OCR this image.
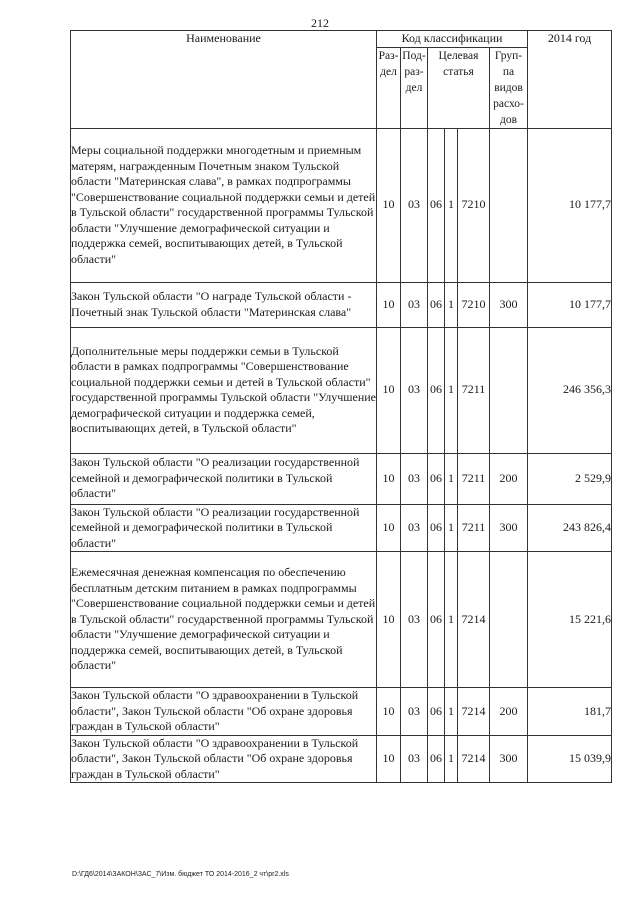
212
Наименование	Код классификации						2014 год
	Раз-дел	Под-раз-дел	Целевая статья			Груп-па видов расхо-дов	
Меры социальной поддержки многодетным и приемным матерям, награжденным Почетным знаком Тульской области "Материнская слава", в рамках подпрограммы "Совершенствование социальной поддержки семьи и детей в Тульской области" государственной программы Тульской области "Улучшение демографической ситуации и поддержка семей, воспитывающих детей, в Тульской области"	10	03	06	1	7210		10 177,7
Закон Тульской области "О награде Тульской области - Почетный знак Тульской области "Материнская слава"	10	03	06	1	7210	300	10 177,7
Дополнительные меры поддержки семьи в Тульской области в рамках подпрограммы "Совершенствование социальной поддержки семьи и детей в Тульской области" государственной программы Тульской области "Улучшение демографической ситуации и поддержка семей, воспитывающих детей, в Тульской области"	10	03	06	1	7211		246 356,3
Закон Тульской области "О реализации государственной семейной и демографической политики в Тульской области"	10	03	06	1	7211	200	2 529,9
Закон Тульской области "О реализации государственной семейной и демографической политики в Тульской области"	10	03	06	1	7211	300	243 826,4
Ежемесячная денежная компенсация по обеспечению бесплатным детским питанием в рамках подпрограммы "Совершенствование социальной поддержки семьи и детей в Тульской области" государственной программы Тульской области "Улучшение демографической ситуации и поддержка семей, воспитывающих детей, в Тульской области"	10	03	06	1	7214		15 221,6
Закон Тульской области "О здравоохранении в Тульской области", Закон Тульской области "Об охране здоровья граждан в Тульской области"	10	03	06	1	7214	200	181,7
Закон Тульской области "О здравоохранении в Тульской области", Закон Тульской области "Об охране здоровья граждан в Тульской области"	10	03	06	1	7214	300	15 039,9
D:\ГД6\2014\ЗАКОН\ЗАС_7\Изм. бюджет ТО 2014-2016_2 чт\pr2.xls
